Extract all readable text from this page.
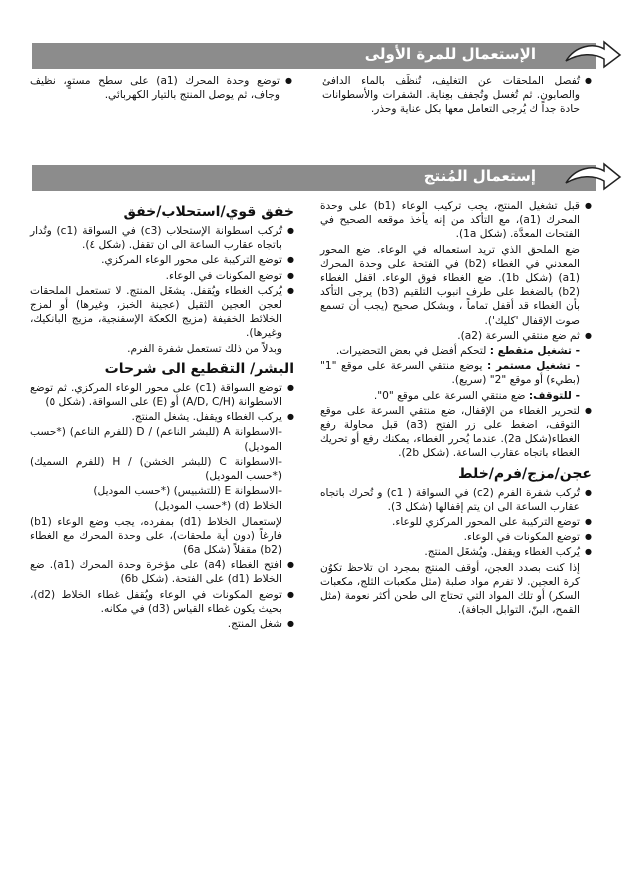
الإستعمال للمرة الأولى

● تُفصل الملحقات عن التغليف، تُنظَف بالماء الدافئ والصابون. ثم تُغسل وتُجفف بعِناية. الشفرات والأسطوانات حادة جداً ك يُرجى التعامل معها بكل عناية وحذر.

● توضع وحدة المحرك (a1) على سطح مستوٍ، نظيف وجاف، ثم يوصل المنتج بالتيار الكهربائي.

إستعمال المُنتج

● قبل تشغيل المنتج، يجب تركيب الوعاء (b1) على وحدة المحرك (a1)، مع التأكد من إنه يأخذ موقعه الصحيح في الفتحات المعدَّة. (شكل 1a).

ضع الملحق الذي تريد استعماله في الوعاء. ضع المحور المعدني في الغطاء (b2) في الفتحة على وحدة المحرك (a1) (شكل 1b). ضع الغطاء فوق الوعاء. اقفل الغطاء (b2) بالضغط على طرف انبوب التلقيم (b3) يرجى التأكد بأن الغطاء قد أقفل تماماً ، وبشكل صحيح (يجب أن تسمع صوت الإقفال 'كليك').

● ثم ضع منتقي السرعة (a2).

- تشغيل متقطع : لتحكم أفضل في بعض التحضيرات.

- تشغيل مستمر : يوضع منتقي السرعة على موقع "1" (بطيء) أو موقع "2" (سريع).

- للتوقف: ضع منتقي السرعة على موقع "0".

● لتحرير الغطاء من الإقفال، ضع منتقي السرعة على موقع التوقف، اضغط على زر الفتح (a3) قبل محاولة رفع الغطاء(شكل 2a). عندما يُحرر الغطاء، يمكنك رفع أو تحريك الغطاء باتجاه عقارب الساعة. (شكل 2b).

عجن/مزج/فرم/خلط

● تُركب شفرة الفرم (c2) في السواقة ( c1) و تُحرك باتجاه عقارب الساعة الى ان يتم إقفالها (شكل 3).

● توضع التركيبة على المحور المركزي للوعاء.

● توضع المكونات في الوعاء.

● يُركب الغطاء ويقفل. ويُشغَل المنتج.

إذا كنت بصدد العجن، أوقف المنتج بمجرد ان تلاحظ تكوُن كرة العجين. لا تفرم مواد صلبة (مثل مكعبات الثلج، مكعبات السكر) أو تلك المواد التي تحتاج الى طحن أكثر نعومة (مثل القمح، البنّ، التوابل الجافة).

خفق قوي/استحلاب/خفق

● تُركب اسطوانة الإستحلاب (c3) في السواقة (c1) وتُدار باتجاه عقارب الساعة الى ان تقفل. (شكل ٤).

● توضع التركيبة على محور الوعاء المركزي.

● توضع المكونات في الوعاء.

● يُركب الغطاء ويُقفل. يشغَل المنتج. لا تستعمل الملحقات لعجن العجين الثقيل (عجينة الخبز، وغيرها) أو لمزج الخلائط الخفيفة (مزيج الكعكة الإسفنجية، مزيج البانكيك، وغيرها).

وبدلاً من ذلك تستعمل شفرة الفرم.

البشر/ التقطيع الى شرحات

● توضع السواقة (c1) على محور الوعاء المركزي. ثم توضع الاسطوانة (A/D, C/H) أو (E) على السواقة. (شكل ٥)

● يركب الغطاء ويقفل. يشغل المنتج.

-الاسطوانة A (للبشر الناعم) / D (للفرم الناعم) (*حسب الموديل)

-الاسطوانة C (للبشر الخشن) / H (للفرم السميك) (*حسب الموديل)

-الاسطوانة E (للتشبيس) (*حسب الموديل)

الخلاط (d) (*حسب الموديل)

لإستعمال الخلاط (d1) بمفرده، يجب وضع الوعاء (b1) فارغاً (دون أية ملحقات)، على وحدة المحرك مع الغطاء (b2) مقفلاً (شكل 6a)

● افتح الغطاء (a4) على مؤخرة وحدة المحرك (a1). ضع الخلاط (d1) على الفتحة. (شكل 6b)

● توضع المكونات في الوعاء ويُقفل غطاء الخلاط (d2)، بحيث يكون غطاء القياس (d3) في مكانه.

● شغل المنتج.
